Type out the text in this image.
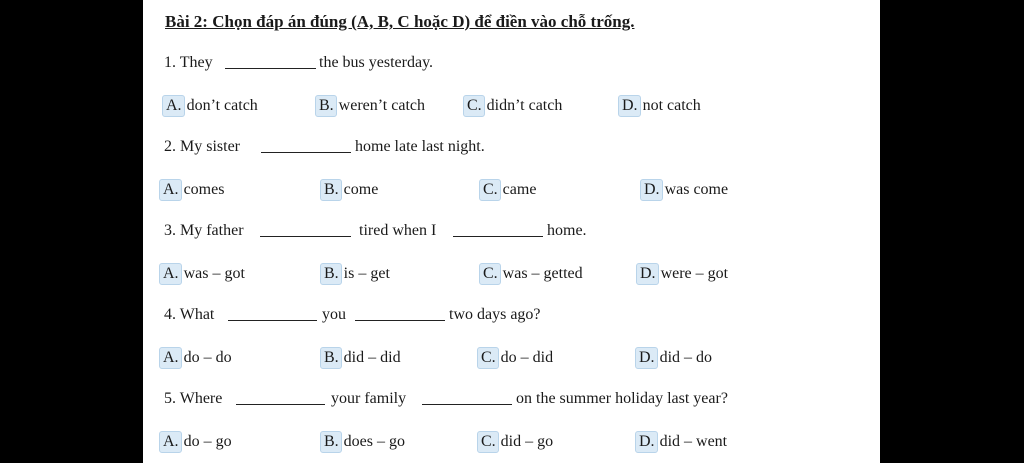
Bài 2: Chọn đáp án đúng (A, B, C hoặc D) để điền vào chỗ trống.
1. They	the bus yesterday.
A. don’t catch	B. weren’t catch	C. didn’t catch	D. not catch
2. My sister	home late last night.
A. comes	B. come	C. came	D. was come
3. My father	tired when I	home.
A. was – got	B. is – get	C. was – getted	D. were – got
4. What	you	two days ago?
A. do – do	B. did – did	C. do – did	D. did – do
5. Where	your family	on the summer holiday last year?
A. do – go	B. does – go	C. did – go	D. did – went
